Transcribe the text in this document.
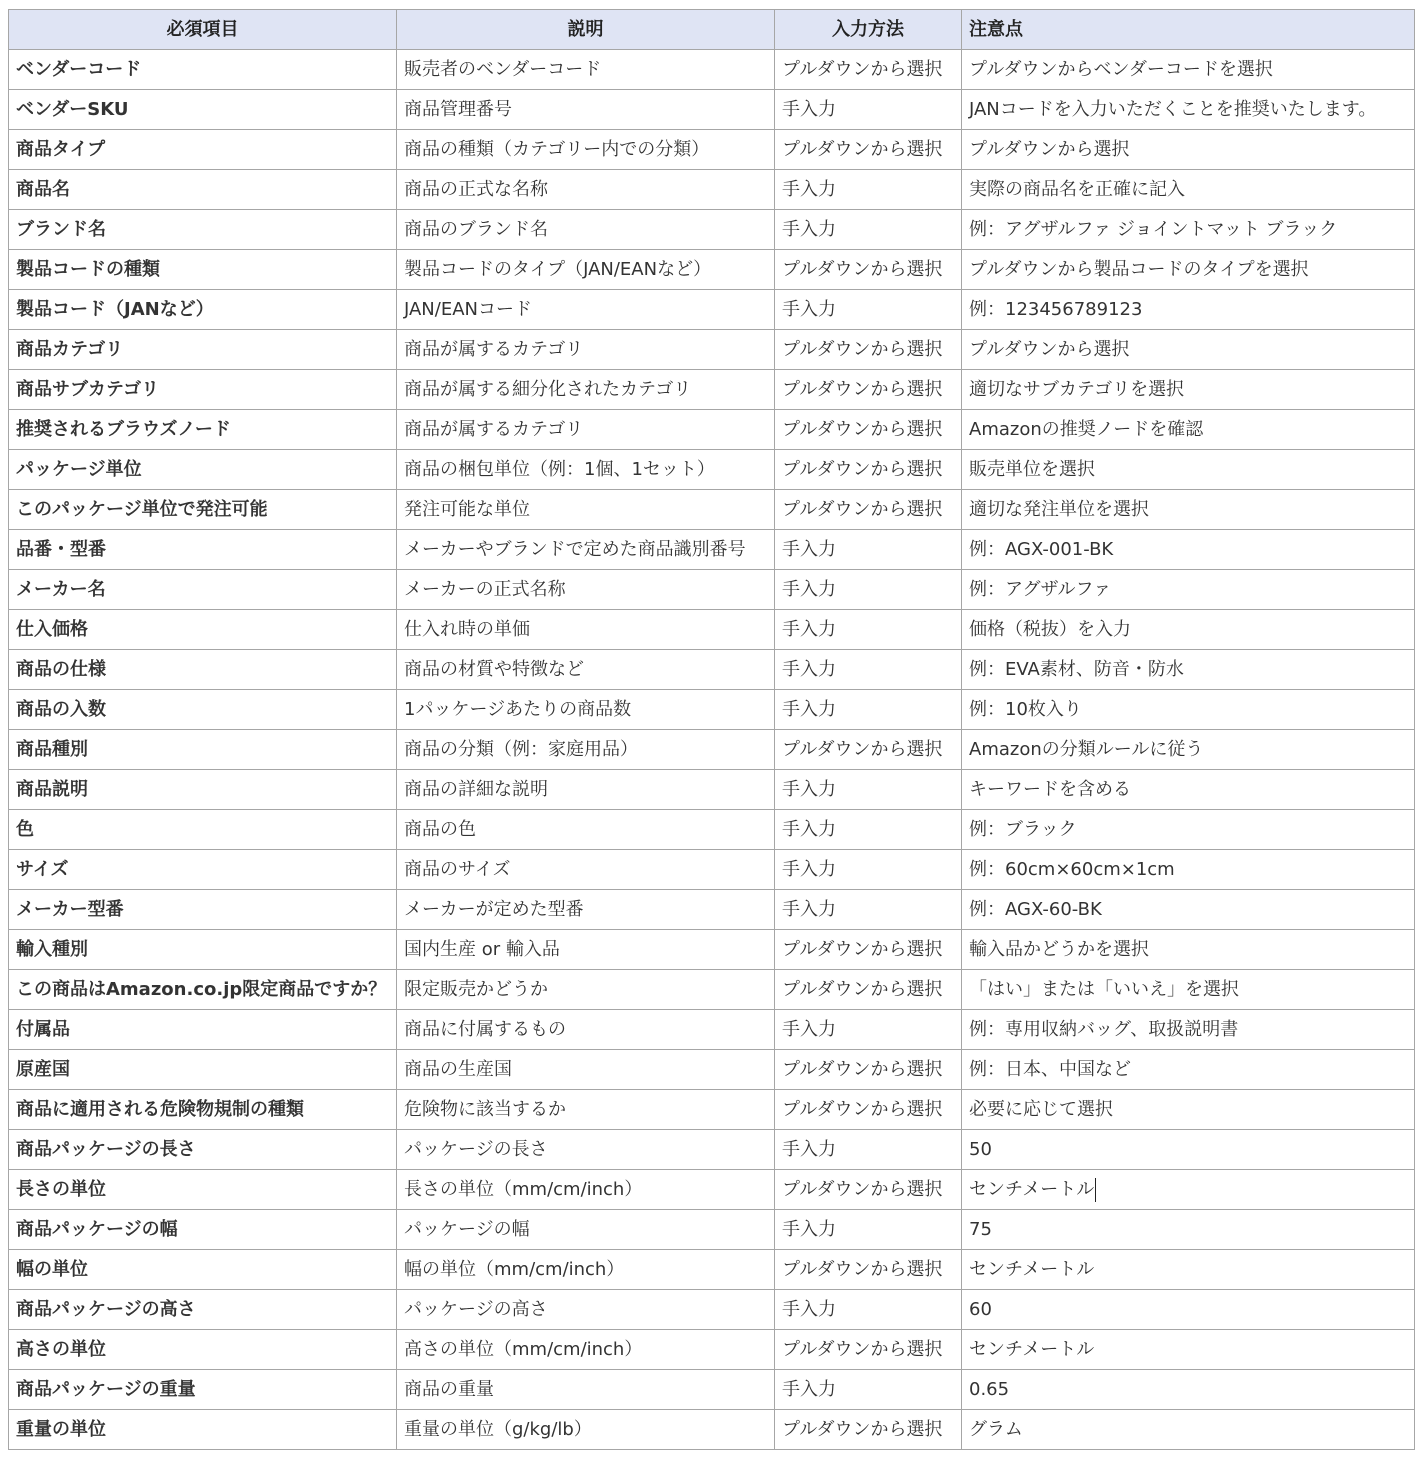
必須項目	説明	入力方法	注意点
ベンダーコード	販売者のベンダーコード	プルダウンから選択	プルダウンからベンダーコードを選択
ベンダーSKU	商品管理番号	手入力	JANコードを入力いただくことを推奨いたします。
商品タイプ	商品の種類（カテゴリー内での分類）	プルダウンから選択	プルダウンから選択
商品名	商品の正式な名称	手入力	実際の商品名を正確に記入
ブランド名	商品のブランド名	手入力	例：アグザルファ ジョイントマット ブラック
製品コードの種類	製品コードのタイプ（JAN/EANなど）	プルダウンから選択	プルダウンから製品コードのタイプを選択
製品コード（JANなど）	JAN/EANコード	手入力	例：123456789123
商品カテゴリ	商品が属するカテゴリ	プルダウンから選択	プルダウンから選択
商品サブカテゴリ	商品が属する細分化されたカテゴリ	プルダウンから選択	適切なサブカテゴリを選択
推奨されるブラウズノード	商品が属するカテゴリ	プルダウンから選択	Amazonの推奨ノードを確認
パッケージ単位	商品の梱包単位（例：1個、1セット）	プルダウンから選択	販売単位を選択
このパッケージ単位で発注可能	発注可能な単位	プルダウンから選択	適切な発注単位を選択
品番・型番	メーカーやブランドで定めた商品識別番号	手入力	例：AGX-001-BK
メーカー名	メーカーの正式名称	手入力	例：アグザルファ
仕入価格	仕入れ時の単価	手入力	価格（税抜）を入力
商品の仕様	商品の材質や特徴など	手入力	例：EVA素材、防音・防水
商品の入数	1パッケージあたりの商品数	手入力	例：10枚入り
商品種別	商品の分類（例：家庭用品）	プルダウンから選択	Amazonの分類ルールに従う
商品説明	商品の詳細な説明	手入力	キーワードを含める
色	商品の色	手入力	例：ブラック
サイズ	商品のサイズ	手入力	例：60cm×60cm×1cm
メーカー型番	メーカーが定めた型番	手入力	例：AGX-60-BK
輸入種別	国内生産 or 輸入品	プルダウンから選択	輸入品かどうかを選択
この商品はAmazon.co.jp限定商品ですか？	限定販売かどうか	プルダウンから選択	「はい」または「いいえ」を選択
付属品	商品に付属するもの	手入力	例：専用収納バッグ、取扱説明書
原産国	商品の生産国	プルダウンから選択	例：日本、中国など
商品に適用される危険物規制の種類	危険物に該当するか	プルダウンから選択	必要に応じて選択
商品パッケージの長さ	パッケージの長さ	手入力	50
長さの単位	長さの単位（mm/cm/inch）	プルダウンから選択	センチメートル
商品パッケージの幅	パッケージの幅	手入力	75
幅の単位	幅の単位（mm/cm/inch）	プルダウンから選択	センチメートル
商品パッケージの高さ	パッケージの高さ	手入力	60
高さの単位	高さの単位（mm/cm/inch）	プルダウンから選択	センチメートル
商品パッケージの重量	商品の重量	手入力	0.65
重量の単位	重量の単位（g/kg/lb）	プルダウンから選択	グラム
